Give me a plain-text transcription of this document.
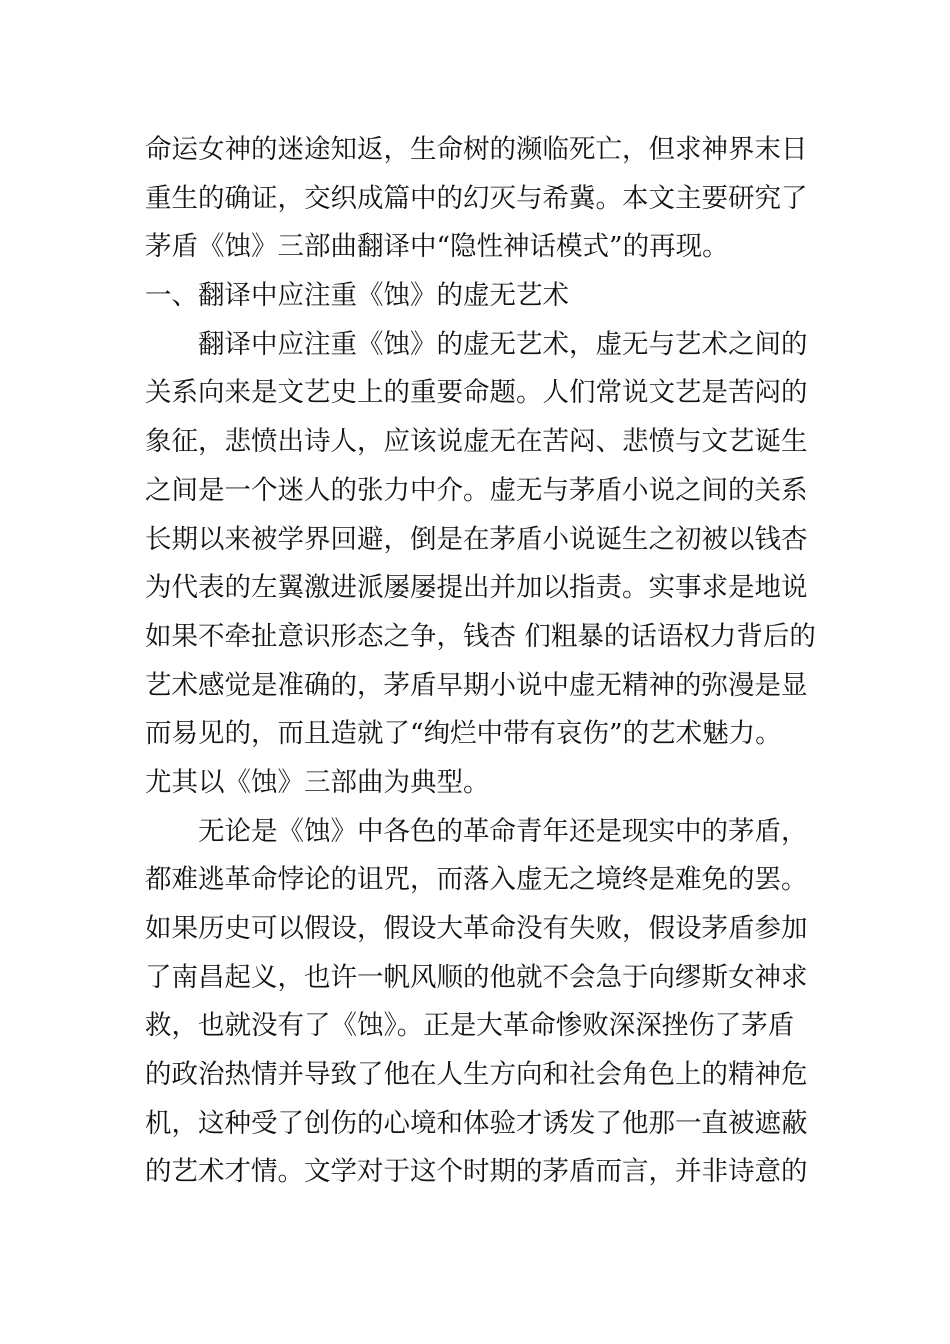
命运女神的迷途知返，生命树的濒临死亡，但求神界末日
重生的确证，交织成篇中的幻灭与希冀。本文主要研究了
茅盾《蚀》三部曲翻译中“隐性神话模式”的再现。
一、翻译中应注重《蚀》的虚无艺术
翻译中应注重《蚀》的虚无艺术，虚无与艺术之间的
关系向来是文艺史上的重要命题。人们常说文艺是苦闷的
象征，悲愤出诗人，应该说虚无在苦闷、悲愤与文艺诞生
之间是一个迷人的张力中介。虚无与茅盾小说之间的关系
长期以来被学界回避，倒是在茅盾小说诞生之初被以钱杏
为代表的左翼激进派屡屡提出并加以指责。实事求是地说
如果不牵扯意识形态之争，钱杏 们粗暴的话语权力背后的
艺术感觉是准确的，茅盾早期小说中虚无精神的弥漫是显
而易见的，而且造就了“绚烂中带有哀伤”的艺术魅力。
尤其以《蚀》三部曲为典型。
无论是《蚀》中各色的革命青年还是现实中的茅盾，
都难逃革命悖论的诅咒，而落入虚无之境终是难免的罢。
如果历史可以假设，假设大革命没有失败，假设茅盾参加
了南昌起义，也许一帆风顺的他就不会急于向缪斯女神求
救，也就没有了《蚀》。正是大革命惨败深深挫伤了茅盾
的政治热情并导致了他在人生方向和社会角色上的精神危
机，这种受了创伤的心境和体验才诱发了他那一直被遮蔽
的艺术才情。文学对于这个时期的茅盾而言，并非诗意的
